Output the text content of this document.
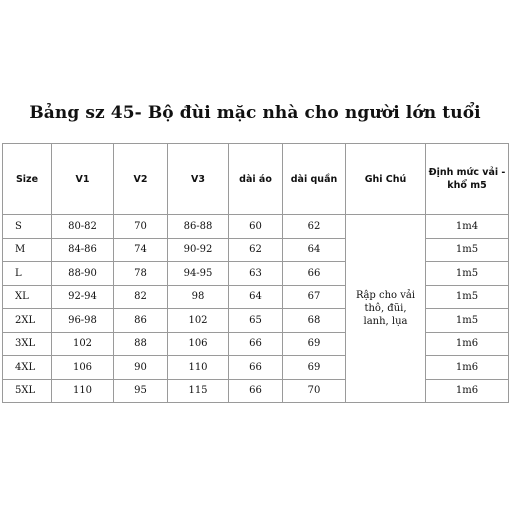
Bảng sz 45- Bộ đùi mặc nhà cho người lớn tuổi
Size	V1	V2	V3	dài áo	dài quần	Ghi Chú	Định mức vải - khổ m5
S	80-82	70	86-88	60	62	Rập cho vải thô, đũi, lanh, lụa	1m4
M	84-86	74	90-92	62	64		1m5
L	88-90	78	94-95	63	66		1m5
XL	92-94	82	98	64	67		1m5
2XL	96-98	86	102	65	68		1m5
3XL	102	88	106	66	69		1m6
4XL	106	90	110	66	69		1m6
5XL	110	95	115	66	70		1m6
